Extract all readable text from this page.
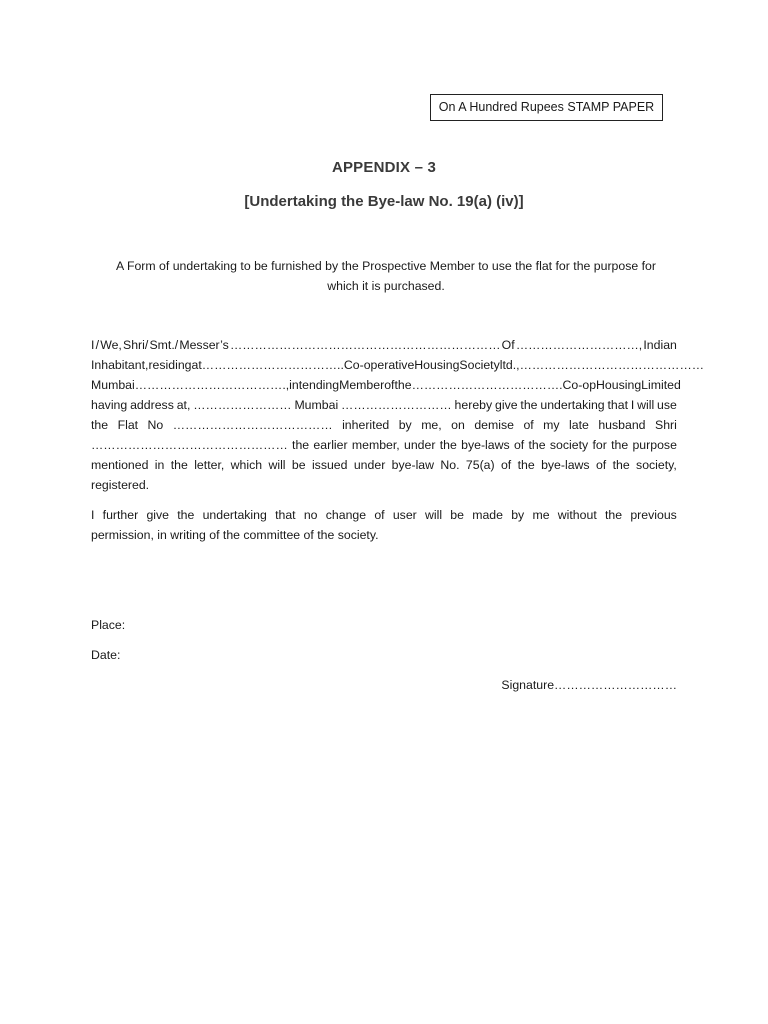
On A Hundred Rupees STAMP PAPER
APPENDIX – 3
[Undertaking the Bye-law No. 19(a) (iv)]
A Form of undertaking to be furnished by the Prospective Member to use the flat for the purpose for
which it is purchased.
I / We, Shri/ Smt./ Messer’s ………………………………………………………… Of …………………………, Indian
Inhabitant, residing at …………………………….. Co-operative Housing Society ltd., ………………………………………
Mumbai ………………………………., intending Member of the ………………………………. Co-op Housing Limited
having address at, …………………… Mumbai ……………………… hereby give the undertaking that I will use
the Flat No ………………………………… inherited by me, on demise of my late husband Shri
………………………………………… the earlier member, under the bye-laws of the society for the purpose
mentioned in the letter, which will be issued under bye-law No. 75(a) of the bye-laws of the society,
registered.
I further give the undertaking that no change of user will be made by me without the previous
permission, in writing of the committee of the society.
Place:
Date:
Signature…………………………
